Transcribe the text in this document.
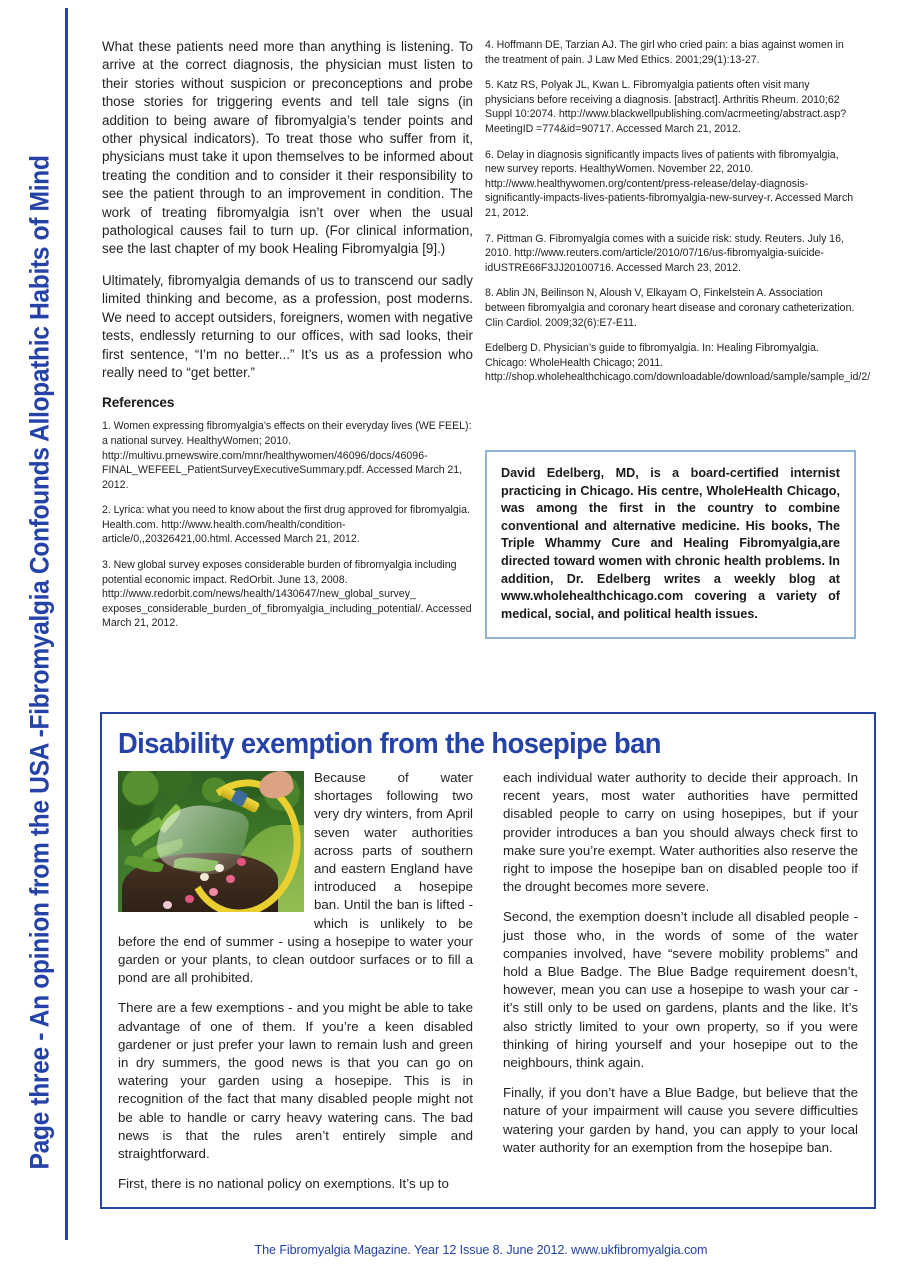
Page three - An opinion from the USA -Fibromyalgia Confounds Allopathic Habits of Mind

What these patients need more than anything is listening. To arrive at the correct diagnosis, the physician must listen to their stories without suspicion or preconceptions and probe those stories for triggering events and tell tale signs (in addition to being aware of fibromyalgia’s tender points and other physical indicators). To treat those who suffer from it, physicians must take it upon themselves to be informed about treating the condition and to consider it their responsibility to see the patient through to an improvement in condition. The work of treating fibromyalgia isn’t over when the usual pathological causes fail to turn up. (For clinical information, see the last chapter of my book Healing Fibromyalgia [9].)

Ultimately, fibromyalgia demands of us to transcend our sadly limited thinking and become, as a profession, post moderns. We need to accept outsiders, foreigners, women with negative tests, endlessly returning to our offices, with sad looks, their first sentence, “I’m no better...” It’s us as a profession who really need to “get better.”

References

1. Women expressing fibromyalgia’s effects on their everyday lives (WE FEEL): a national survey. HealthyWomen; 2010. http://multivu.prnewswire.com/mnr/healthywomen/46096/docs/46096-FINAL_WEFEEL_PatientSurveyExecutiveSummary.pdf. Accessed March 21, 2012.

2. Lyrica: what you need to know about the first drug approved for fibromyalgia. Health.com. http://www.health.com/health/condition-article/0,,20326421,00.html. Accessed March 21, 2012.

3. New global survey exposes considerable burden of fibromyalgia including potential economic impact. RedOrbit. June 13, 2008. http://www.redorbit.com/news/health/1430647/new_global_survey_ exposes_considerable_burden_of_fibromyalgia_including_potential/. Accessed March 21, 2012.

4. Hoffmann DE, Tarzian AJ. The girl who cried pain: a bias against women in the treatment of pain. J Law Med Ethics. 2001;29(1):13-27.

5. Katz RS, Polyak JL, Kwan L. Fibromyalgia patients often visit many physicians before receiving a diagnosis. [abstract]. Arthritis Rheum. 2010;62 Suppl 10:2074. http://www.blackwellpublishing.com/acrmeeting/abstract.asp?MeetingID =774&id=90717. Accessed March 21, 2012.

6. Delay in diagnosis significantly impacts lives of patients with fibromyalgia, new survey reports. HealthyWomen. November 22, 2010. http://www.healthywomen.org/content/press-release/delay-diagnosis-significantly-impacts-lives-patients-fibromyalgia-new-survey-r. Accessed March 21, 2012.

7. Pittman G. Fibromyalgia comes with a suicide risk: study. Reuters. July 16, 2010. http://www.reuters.com/article/2010/07/16/us-fibromyalgia-suicide-idUSTRE66F3JJ20100716. Accessed March 23, 2012.

8. Ablin JN, Beilinson N, Aloush V, Elkayam O, Finkelstein A. Association between fibromyalgia and coronary heart disease and coronary catheterization. Clin Cardiol. 2009;32(6):E7-E11.

Edelberg D. Physician’s guide to fibromyalgia. In: Healing Fibromyalgia. Chicago: WholeHealth Chicago; 2011. http://shop.wholehealthchicago.com/downloadable/download/sample/sample_id/2/

David Edelberg, MD, is a board-certified internist practicing in Chicago. His centre, WholeHealth Chicago, was among the first in the country to combine conventional and alternative medicine. His books, The Triple Whammy Cure and Healing Fibromyalgia,are directed toward women with chronic health problems. In addition, Dr. Edelberg writes a weekly blog at www.wholehealthchicago.com covering a variety of medical, social, and political health issues.

Disability exemption from the hosepipe ban

Because of water shortages following two very dry winters, from April seven water authorities across parts of southern and eastern England have introduced a hosepipe ban. Until the ban is lifted - which is unlikely to be before the end of summer - using a hosepipe to water your garden or your plants, to clean outdoor surfaces or to fill a pond are all prohibited.

There are a few exemptions - and you might be able to take advantage of one of them. If you’re a keen disabled gardener or just prefer your lawn to remain lush and green in dry summers, the good news is that you can go on watering your garden using a hosepipe. This is in recognition of the fact that many disabled people might not be able to handle or carry heavy watering cans. The bad news is that the rules aren’t entirely simple and straightforward.

First, there is no national policy on exemptions. It’s up to

each individual water authority to decide their approach. In recent years, most water authorities have permitted disabled people to carry on using hosepipes, but if your provider introduces a ban you should always check first to make sure you’re exempt. Water authorities also reserve the right to impose the hosepipe ban on disabled people too if the drought becomes more severe.

Second, the exemption doesn’t include all disabled people - just those who, in the words of some of the water companies involved, have “severe mobility problems” and hold a Blue Badge. The Blue Badge requirement doesn’t, however, mean you can use a hosepipe to wash your car - it’s still only to be used on gardens, plants and the like. It’s also strictly limited to your own property, so if you were thinking of hiring yourself and your hosepipe out to the neighbours, think again.

Finally, if you don’t have a Blue Badge, but believe that the nature of your impairment will cause you severe difficulties watering your garden by hand, you can apply to your local water authority for an exemption from the hosepipe ban.

The Fibromyalgia Magazine. Year 12 Issue 8. June 2012. www.ukfibromyalgia.com
